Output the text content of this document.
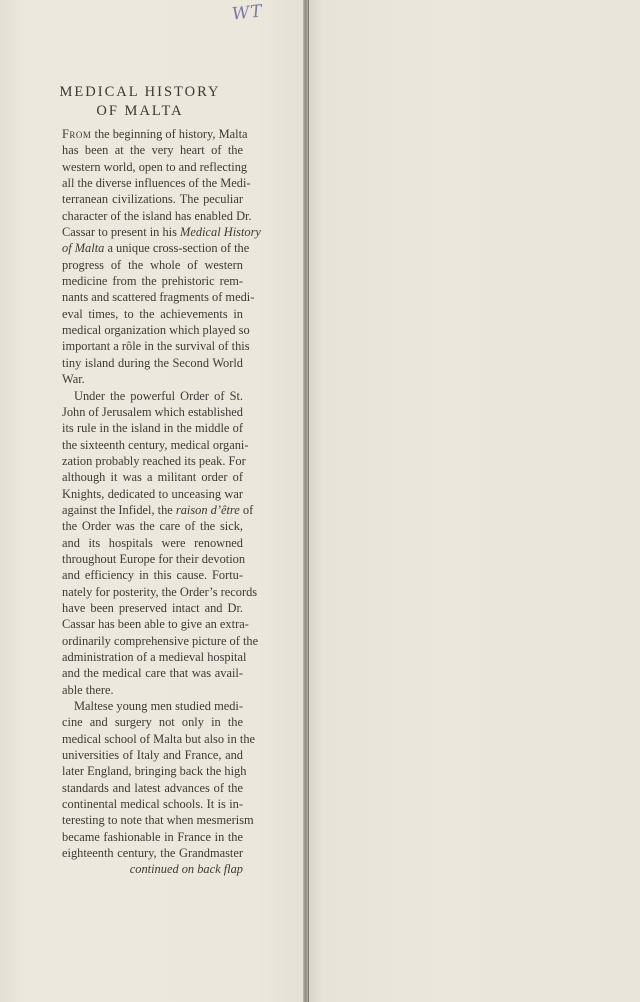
WT
MEDICAL HISTORY
OF MALTA
From the beginning of history, Malta
has been at the very heart of the
western world, open to and reflecting
all the diverse influences of the Medi-
terranean civilizations. The peculiar
character of the island has enabled Dr.
Cassar to present in his Medical History
of Malta a unique cross-section of the
progress of the whole of western
medicine from the prehistoric rem-
nants and scattered fragments of medi-
eval times, to the achievements in
medical organization which played so
important a rôle in the survival of this
tiny island during the Second World
War.
Under the powerful Order of St.
John of Jerusalem which established
its rule in the island in the middle of
the sixteenth century, medical organi-
zation probably reached its peak. For
although it was a militant order of
Knights, dedicated to unceasing war
against the Infidel, the raison d’être of
the Order was the care of the sick,
and its hospitals were renowned
throughout Europe for their devotion
and efficiency in this cause. Fortu-
nately for posterity, the Order’s records
have been preserved intact and Dr.
Cassar has been able to give an extra-
ordinarily comprehensive picture of the
administration of a medieval hospital
and the medical care that was avail-
able there.
Maltese young men studied medi-
cine and surgery not only in the
medical school of Malta but also in the
universities of Italy and France, and
later England, bringing back the high
standards and latest advances of the
continental medical schools. It is in-
teresting to note that when mesmerism
became fashionable in France in the
eighteenth century, the Grandmaster
continued on back flap
